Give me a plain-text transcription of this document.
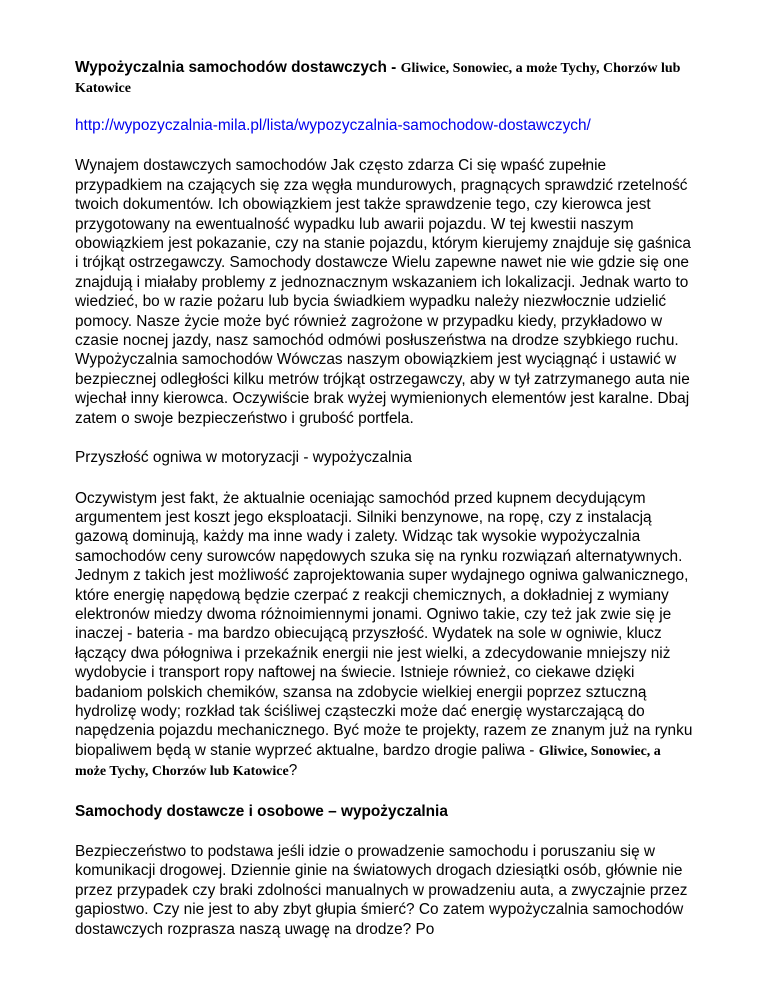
Wypożyczalnia samochodów dostawczych - Gliwice, Sonowiec, a może Tychy, Chorzów lub Katowice

http://wypozyczalnia-mila.pl/lista/wypozyczalnia-samochodow-dostawczych/

Wynajem dostawczych samochodów Jak często zdarza Ci się wpaść zupełnie przypadkiem na czających się zza węgła mundurowych, pragnących sprawdzić rzetelność twoich dokumentów. Ich obowiązkiem jest także sprawdzenie tego, czy kierowca jest przygotowany na ewentualność wypadku lub awarii pojazdu. W tej kwestii naszym obowiązkiem jest pokazanie, czy na stanie pojazdu, którym kierujemy znajduje się gaśnica i trójkąt ostrzegawczy. Samochody dostawcze Wielu zapewne nawet nie wie gdzie się one znajdują i miałaby problemy z jednoznacznym wskazaniem ich lokalizacji. Jednak warto to wiedzieć, bo w razie pożaru lub bycia świadkiem wypadku należy niezwłocznie udzielić pomocy. Nasze życie może być również zagrożone w przypadku kiedy, przykładowo w czasie nocnej jazdy, nasz samochód odmówi posłuszeństwa na drodze szybkiego ruchu. Wypożyczalnia samochodów Wówczas naszym obowiązkiem jest wyciągnąć i ustawić w bezpiecznej odległości kilku metrów trójkąt ostrzegawczy, aby w tył zatrzymanego auta nie wjechał inny kierowca. Oczywiście brak wyżej wymienionych elementów jest karalne. Dbaj zatem o swoje bezpieczeństwo i grubość portfela.

Przyszłość ogniwa w motoryzacji - wypożyczalnia

Oczywistym jest fakt, że aktualnie oceniając samochód przed kupnem decydującym argumentem jest koszt jego eksploatacji. Silniki benzynowe, na ropę, czy z instalacją gazową dominują, każdy ma inne wady i zalety. Widząc tak wysokie wypożyczalnia samochodów ceny surowców napędowych szuka się na rynku rozwiązań alternatywnych. Jednym z takich jest możliwość zaprojektowania super wydajnego ogniwa galwanicznego, które energię napędową będzie czerpać z reakcji chemicznych, a dokładniej z wymiany elektronów miedzy dwoma różnoimiennymi jonami. Ogniwo takie, czy też jak zwie się je inaczej - bateria - ma bardzo obiecującą przyszłość. Wydatek na sole w ogniwie, klucz łączący dwa półogniwa i przekaźnik energii nie jest wielki, a zdecydowanie mniejszy niż wydobycie i transport ropy naftowej na świecie. Istnieje również, co ciekawe dzięki badaniom polskich chemików, szansa na zdobycie wielkiej energii poprzez sztuczną hydrolizę wody; rozkład tak ściśliwej cząsteczki może dać energię wystarczającą do napędzenia pojazdu mechanicznego. Być może te projekty, razem ze znanym już na rynku biopaliwem będą w stanie wyprzeć aktualne, bardzo drogie paliwa - Gliwice, Sonowiec, a może Tychy, Chorzów lub Katowice?

Samochody dostawcze i osobowe – wypożyczalnia

Bezpieczeństwo to podstawa jeśli idzie o prowadzenie samochodu i poruszaniu się w komunikacji drogowej. Dziennie ginie na światowych drogach dziesiątki osób, głównie nie przez przypadek czy braki zdolności manualnych w prowadzeniu auta, a zwyczajnie przez gapiostwo. Czy nie jest to aby zbyt głupia śmierć? Co zatem wypożyczalnia samochodów dostawczych rozprasza naszą uwagę na drodze? Po
